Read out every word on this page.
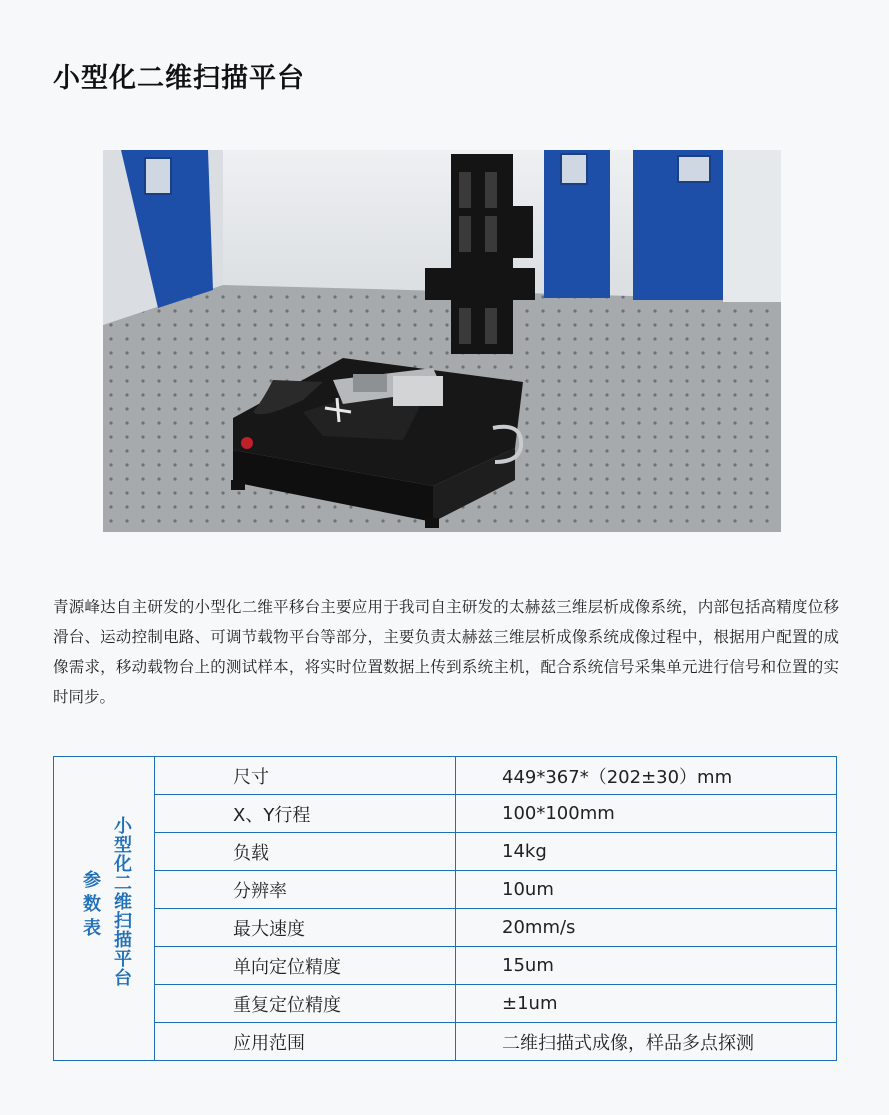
小型化二维扫描平台

青源峰达自主研发的小型化二维平移台主要应用于我司自主研发的太赫兹三维层析成像系统，内部包括高精度位移滑台、运动控制电路、可调节载物平台等部分，主要负责太赫兹三维层析成像系统成像过程中，根据用户配置的成像需求，移动载物台上的测试样本，将实时位置数据上传到系统主机，配合系统信号采集单元进行信号和位置的实时同步。

小型化二维扫描平台
参数表	尺寸	449*367*（202±30）mm
	X、Y行程	100*100mm
	负载	14kg
	分辨率	10um
	最大速度	20mm/s
	单向定位精度	15um
	重复定位精度	±1um
	应用范围	二维扫描式成像，样品多点探测
